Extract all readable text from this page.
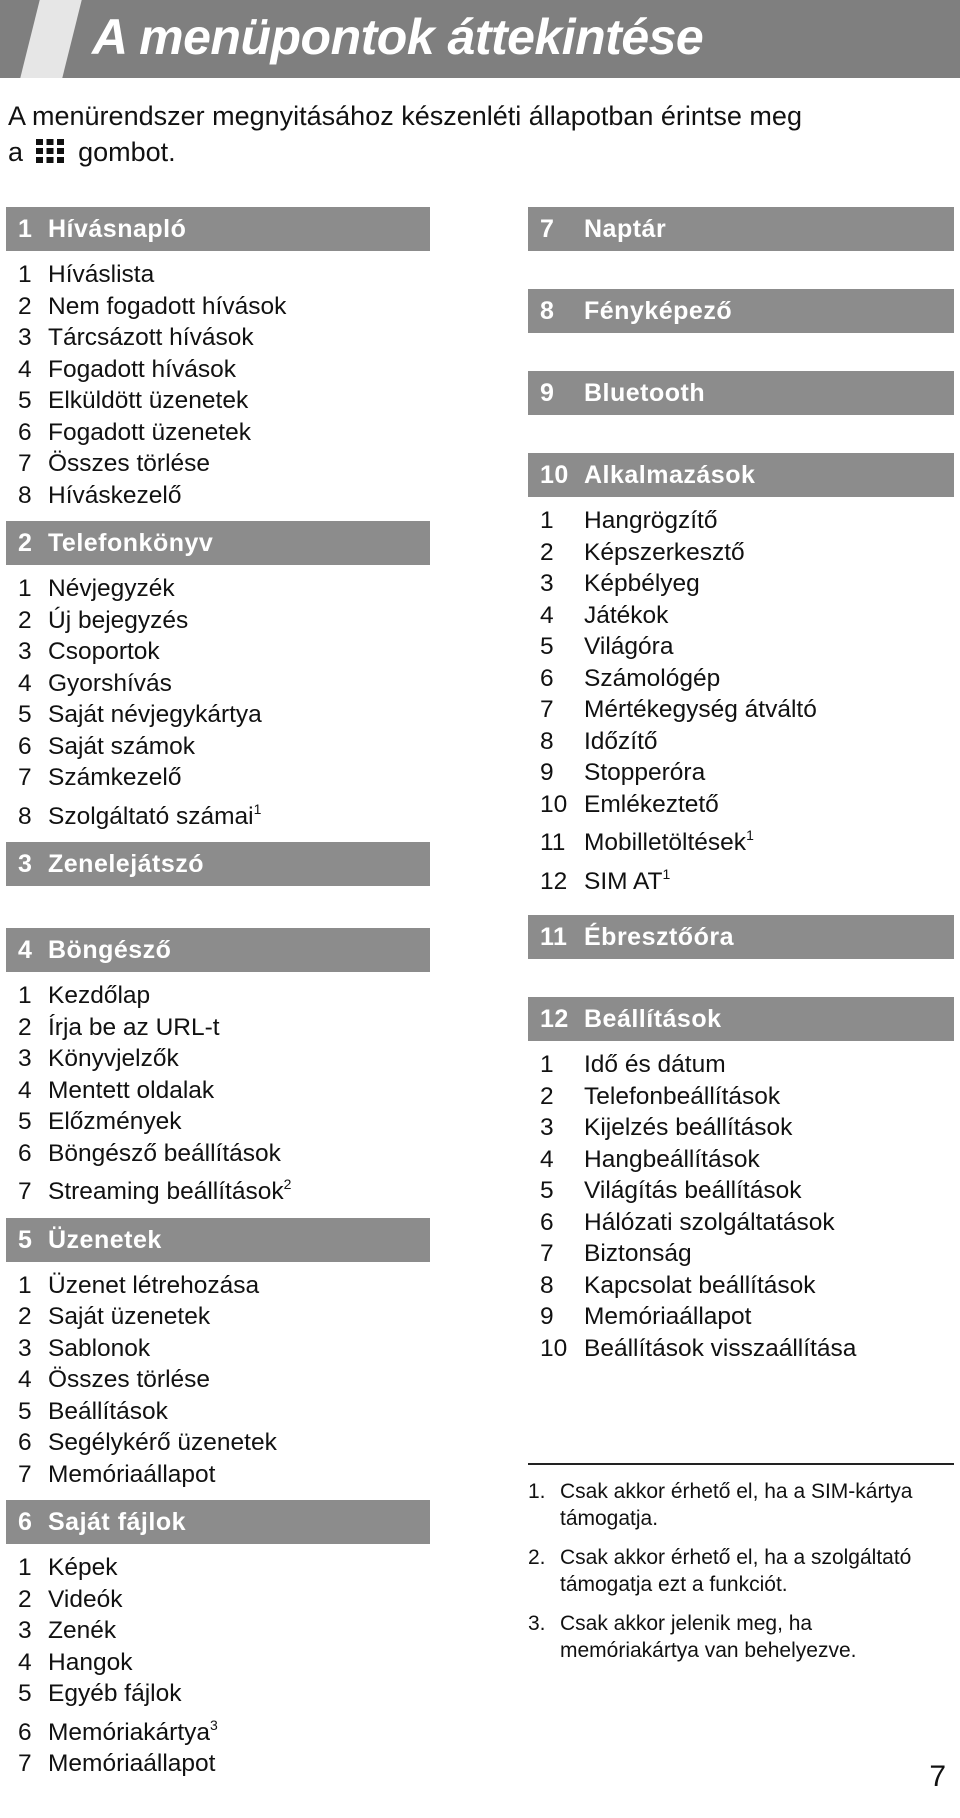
A menüpontok áttekintése
A menürendszer megnyitásához készenléti állapotban érintse meg
a gombot.
1 Hívásnapló
1 Híváslista
2 Nem fogadott hívások
3 Tárcsázott hívások
4 Fogadott hívások
5 Elküldött üzenetek
6 Fogadott üzenetek
7 Összes törlése
8 Híváskezelő
2 Telefonkönyv
1 Névjegyzék
2 Új bejegyzés
3 Csoportok
4 Gyorshívás
5 Saját névjegykártya
6 Saját számok
7 Számkezelő
8 Szolgáltató számai$^1$
3 Zenelejátszó
4 Böngésző
1 Kezdőlap
2 Írja be az URL-t
3 Könyvjelzők
4 Mentett oldalak
5 Előzmények
6 Böngésző beállítások
7 Streaming beállítások$^2$
5 Üzenetek
1 Üzenet létrehozása
2 Saját üzenetek
3 Sablonok
4 Összes törlése
5 Beállítások
6 Segélykérő üzenetek
7 Memóriaállapot
6 Saját fájlok
1 Képek
2 Videók
3 Zenék
4 Hangok
5 Egyéb fájlok
6 Memóriakártya$^3$
7 Memóriaállapot
7 Naptár
8 Fényképező
9 Bluetooth
10 Alkalmazások
1 Hangrögzítő
2 Képszerkesztő
3 Képbélyeg
4 Játékok
5 Világóra
6 Számológép
7 Mértékegység átváltó
8 Időzítő
9 Stopperóra
10 Emlékeztető
11 Mobilletöltések$^1$
12 SIM $AT^1$
11 Ébresztőóra
12 Beállítások
1 Idő és dátum
2 Telefonbeállítások
3 Kijelzés beállítások
4 Hangbeállítások
5 Világítás beállítások
6 Hálózati szolgáltatások
7 Biztonság
8 Kapcsolat beállítások
9 Memóriaállapot
10 Beállítások visszaállítása
1. Csak akkor érhető el, ha a SIM-kártya támogatja.
2. Csak akkor érhető el, ha a szolgáltató támogatja ezt a funkciót.
3. Csak akkor jelenik meg, ha memóriakártya van behelyezve.
7
